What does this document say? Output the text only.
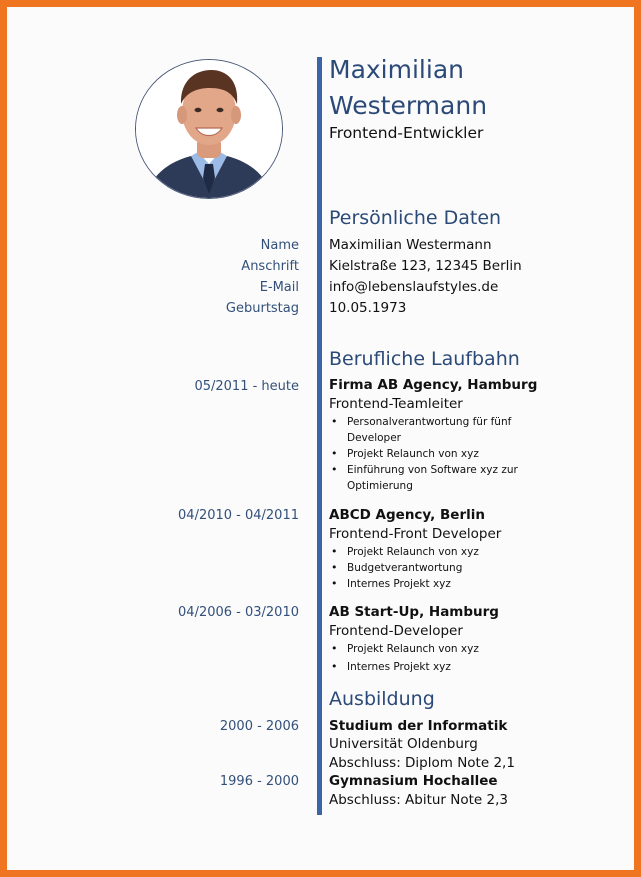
Maximilian
Westermann
Frontend-Entwickler
Persönliche Daten
Name Maximilian Westermann
Anschrift Kielstraße 123, 12345 Berlin
E-Mail info@lebenslaufstyles.de
Geburtstag 10.05.1973
Berufliche Laufbahn
05/2011 - heute Firma AB Agency, Hamburg
Frontend-Teamleiter
• Personalverantwortung für fünf Developer
• Projekt Relaunch von xyz
• Einführung von Software xyz zur Optimierung
04/2010 - 04/2011 ABCD Agency, Berlin
Frontend-Front Developer
• Projekt Relaunch von xyz
• Budgetverantwortung
• Internes Projekt xyz
04/2006 - 03/2010 AB Start-Up, Hamburg
Frontend-Developer
• Projekt Relaunch von xyz
• Internes Projekt xyz
Ausbildung
2000 - 2006 Studium der Informatik
Universität Oldenburg
Abschluss: Diplom Note 2,1
1996 - 2000 Gymnasium Hochallee
Abschluss: Abitur Note 2,3
